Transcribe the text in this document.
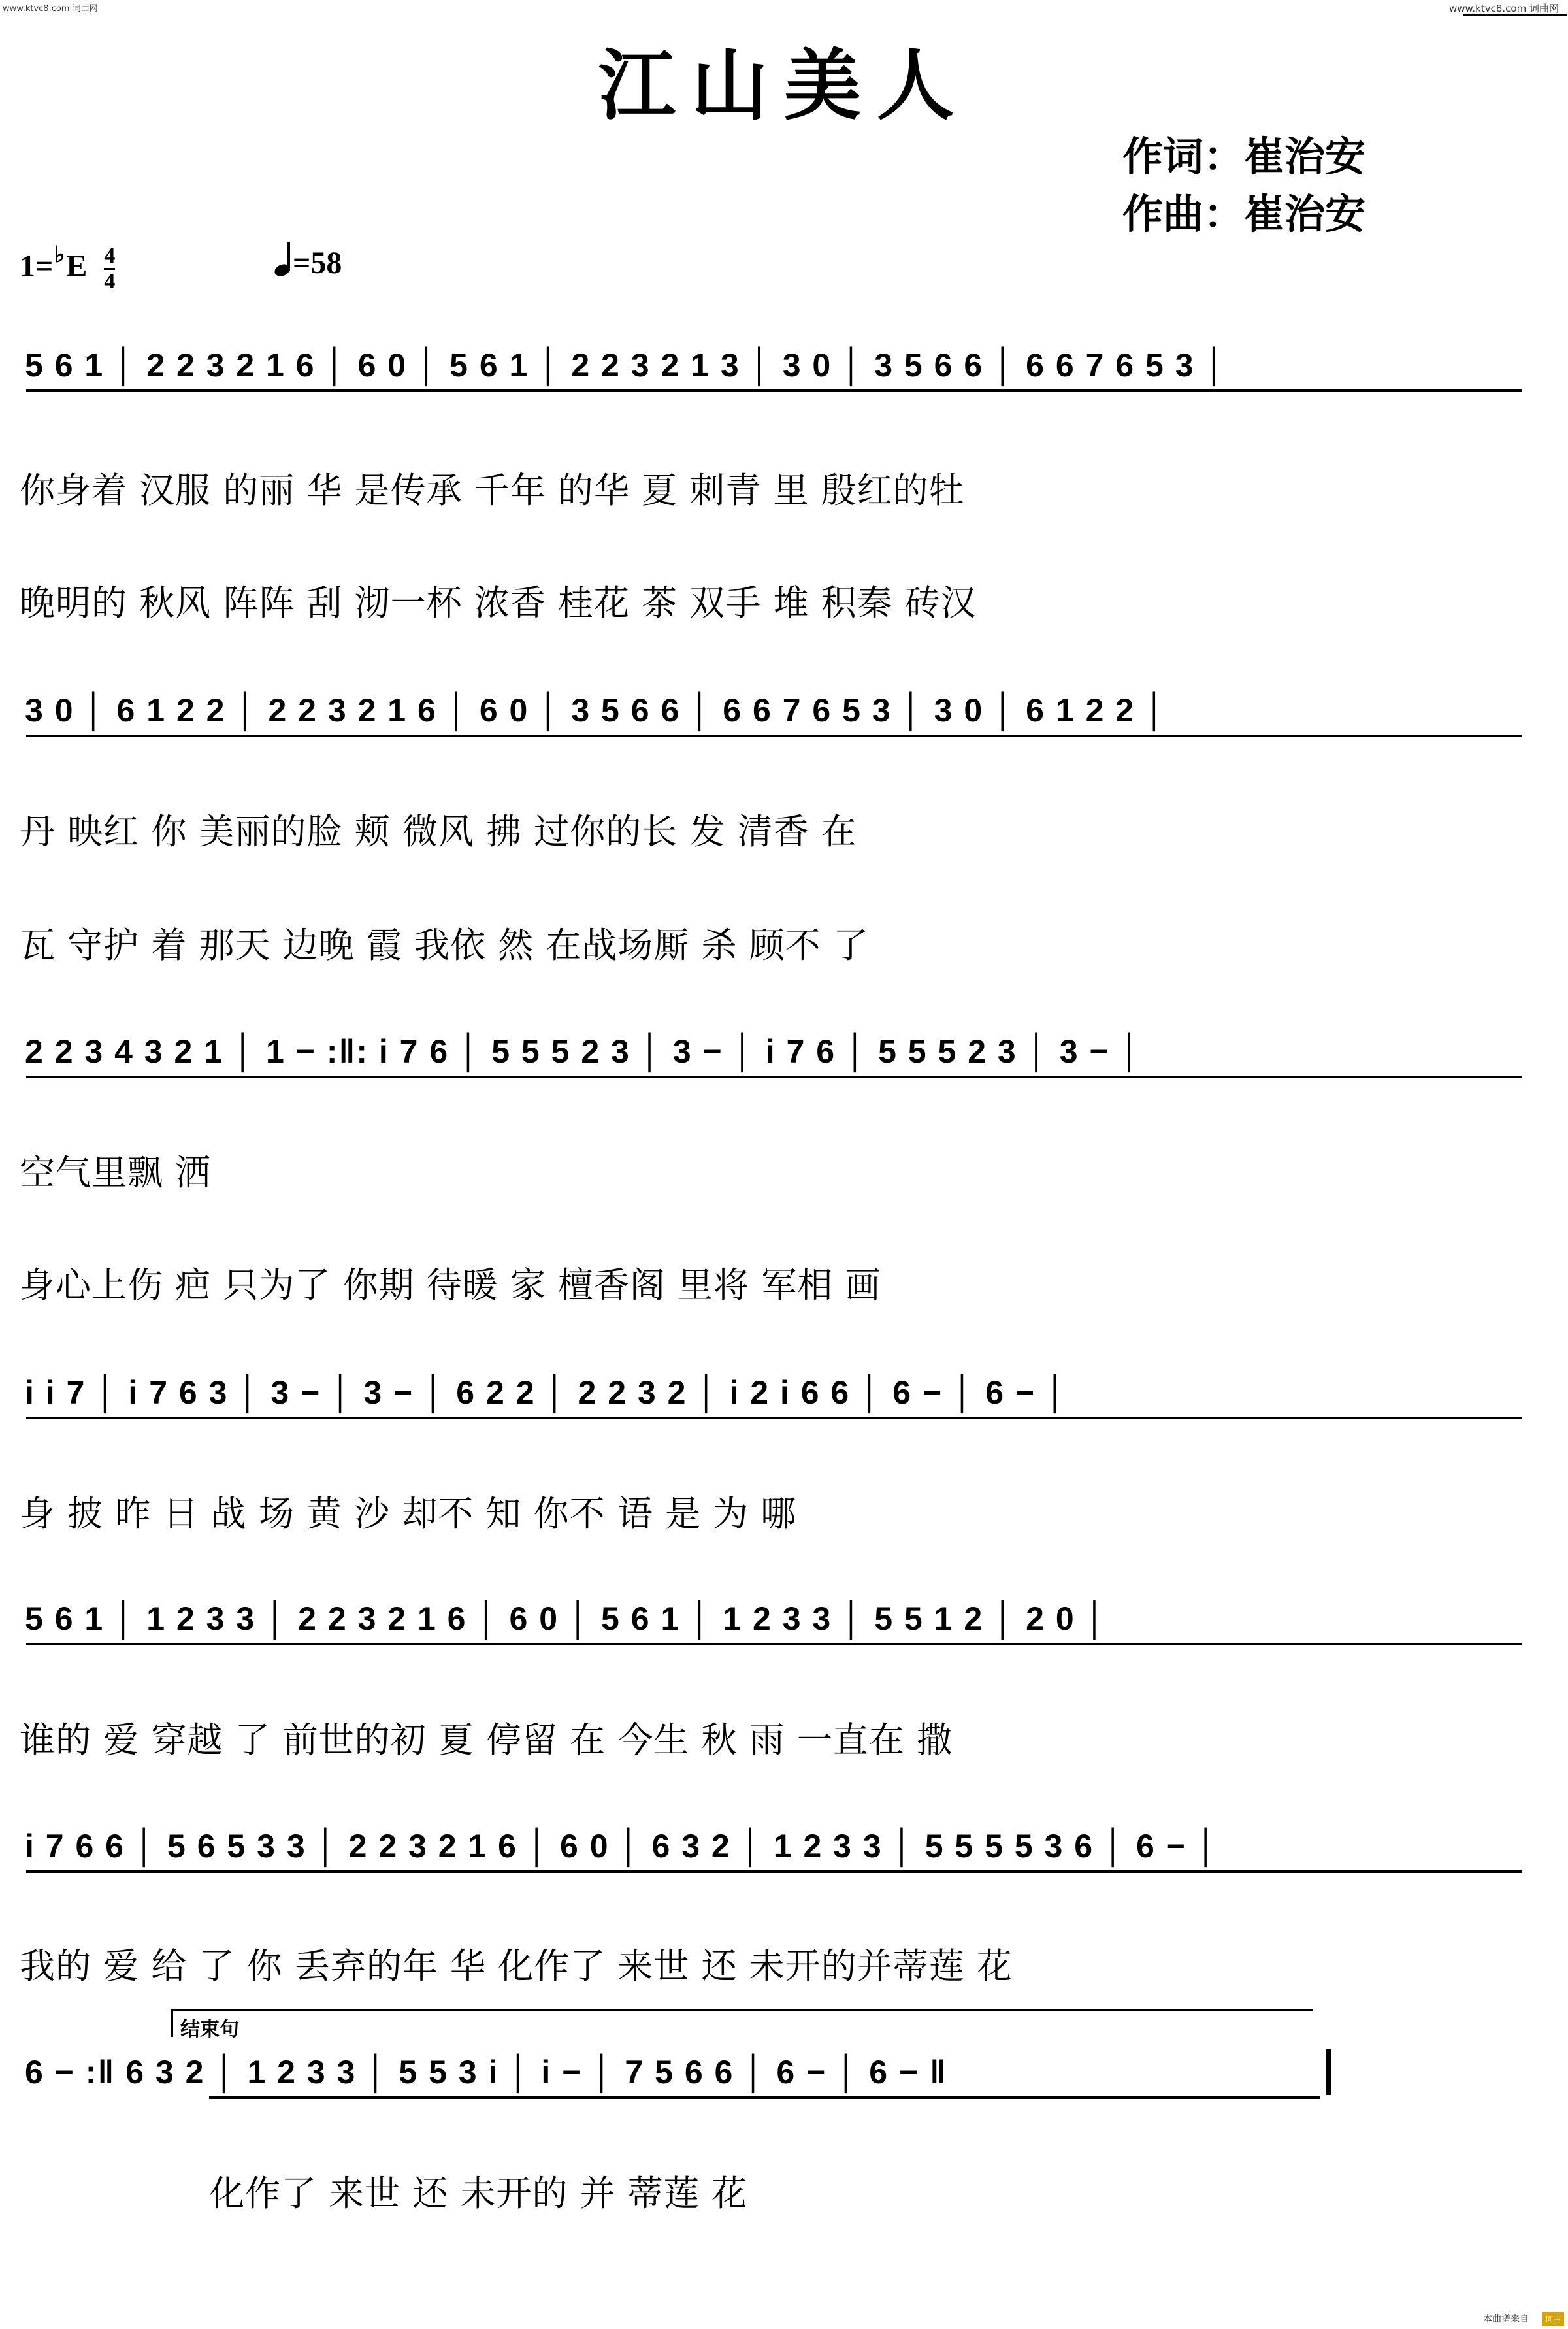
www.ktvc8.com 词曲网	www.ktvc8.com 词曲网
江山美人
作词：崔治安
作曲：崔治安
$1=^♭E \frac{4}{4}$	=58
5 6 1 │ 2 2 3 2 1 6 │ 6 0 │ 5 6 1 │ 2 2 3 2 1 3 │ 3 0 │ 3 5 6 6 │ 6 6 7 6 5 3 │
你身着 汉服 的丽 华 是传承 千年 的华 夏 刺青 里 殷红的牡
晚明的 秋风 阵阵 刮 沏一杯 浓香 桂花 茶 双手 堆 积秦 砖汉
3 0 │ 6 1 2 2 │ 2 2 3 2 1 6 │ 6 0 │ 3 5 6 6 │ 6 6 7 6 5 3 │ 3 0 │ 6 1 2 2 │
丹 映红 你 美丽的脸 颊 微风 拂 过你的长 发 清香 在
瓦 守护 着 那天 边晚 霞 我依 然 在战场厮 杀 顾不 了
2 2 3 4 3 2 1 │ 1 − :‖: i 7 6 │ 5 5 5 2 3 │ 3 − │ i 7 6 │ 5 5 5 2 3 │ 3 − │
空气里飘 洒
身心上伤 疤 只为了 你期 待暖 家 檀香阁 里将 军相 画
i i 7 │ i 7 6 3 │ 3 − │ 3 − │ 6 2 2 │ 2 2 3 2 │ i 2 i 6 6 │ 6 − │ 6 − │
身 披 昨 日 战 场 黄 沙 却不 知 你不 语 是 为 哪
5 6 1 │ 1 2 3 3 │ 2 2 3 2 1 6 │ 6 0 │ 5 6 1 │ 1 2 3 3 │ 5 5 1 2 │ 2 0 │
谁的 爱 穿越 了 前世的初 夏 停留 在 今生 秋 雨 一直在 撒
i 7 6 6 │ 5 6 5 3 3 │ 2 2 3 2 1 6 │ 6 0 │ 6 3 2 │ 1 2 3 3 │ 5 5 5 5 3 6 │ 6 − │
我的 爱 给 了 你 丢弃的年 华 化作了 来世 还 未开的并蒂莲 花
结束句
6 − :‖ 6 3 2 │ 1 2 3 3 │ 5 5 3 i │ i − │ 7 5 6 6 │ 6 − │ 6 − ‖
化作了 来世 还 未开的 并 蒂莲 花
本曲谱来自	词曲
